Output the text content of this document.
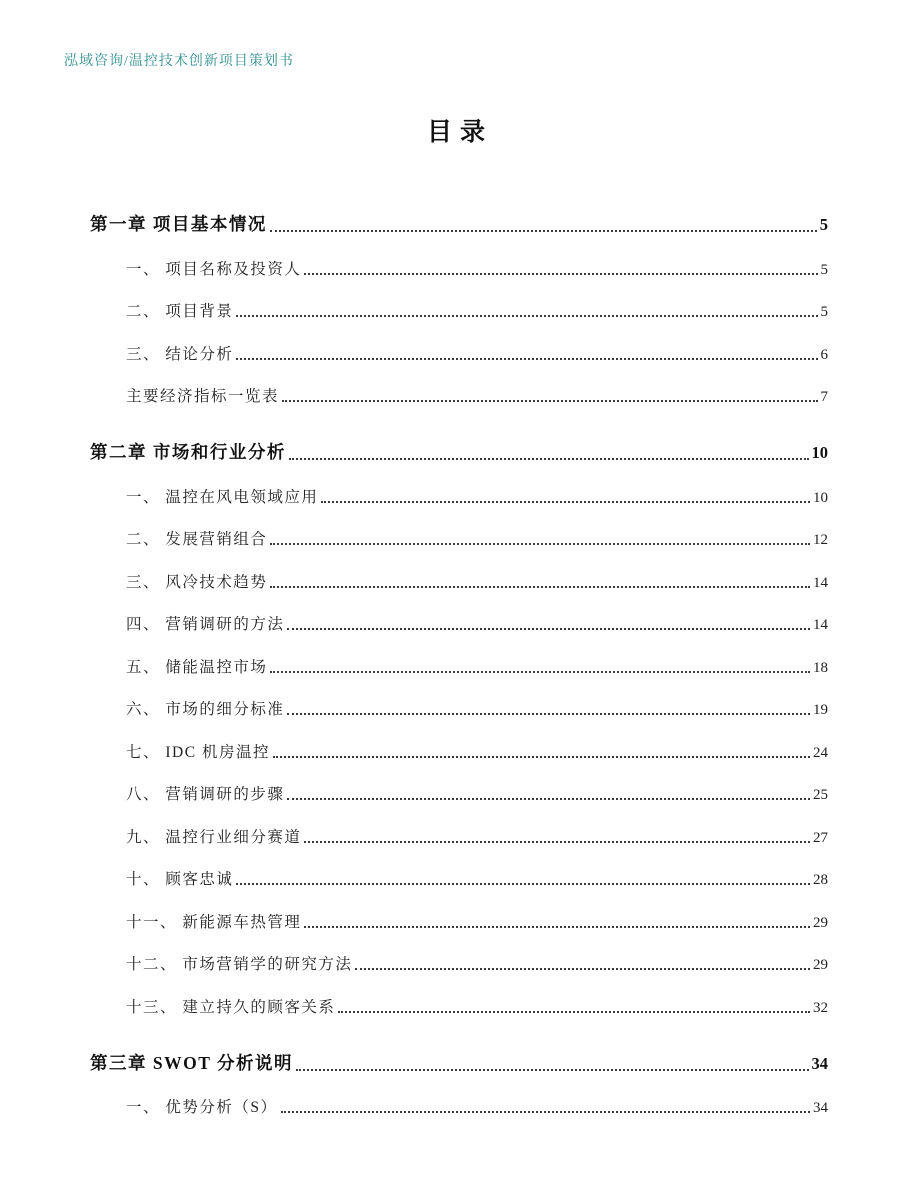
泓域咨询/温控技术创新项目策划书
目录
第一章 项目基本情况	5
一、 项目名称及投资人	5
二、 项目背景	5
三、 结论分析	6
主要经济指标一览表	7
第二章 市场和行业分析	10
一、 温控在风电领域应用	10
二、 发展营销组合	12
三、 风冷技术趋势	14
四、 营销调研的方法	14
五、 储能温控市场	18
六、 市场的细分标准	19
七、 IDC 机房温控	24
八、 营销调研的步骤	25
九、 温控行业细分赛道	27
十、 顾客忠诚	28
十一、 新能源车热管理	29
十二、 市场营销学的研究方法	29
十三、 建立持久的顾客关系	32
第三章 SWOT 分析说明	34
一、 优势分析（S）	34
